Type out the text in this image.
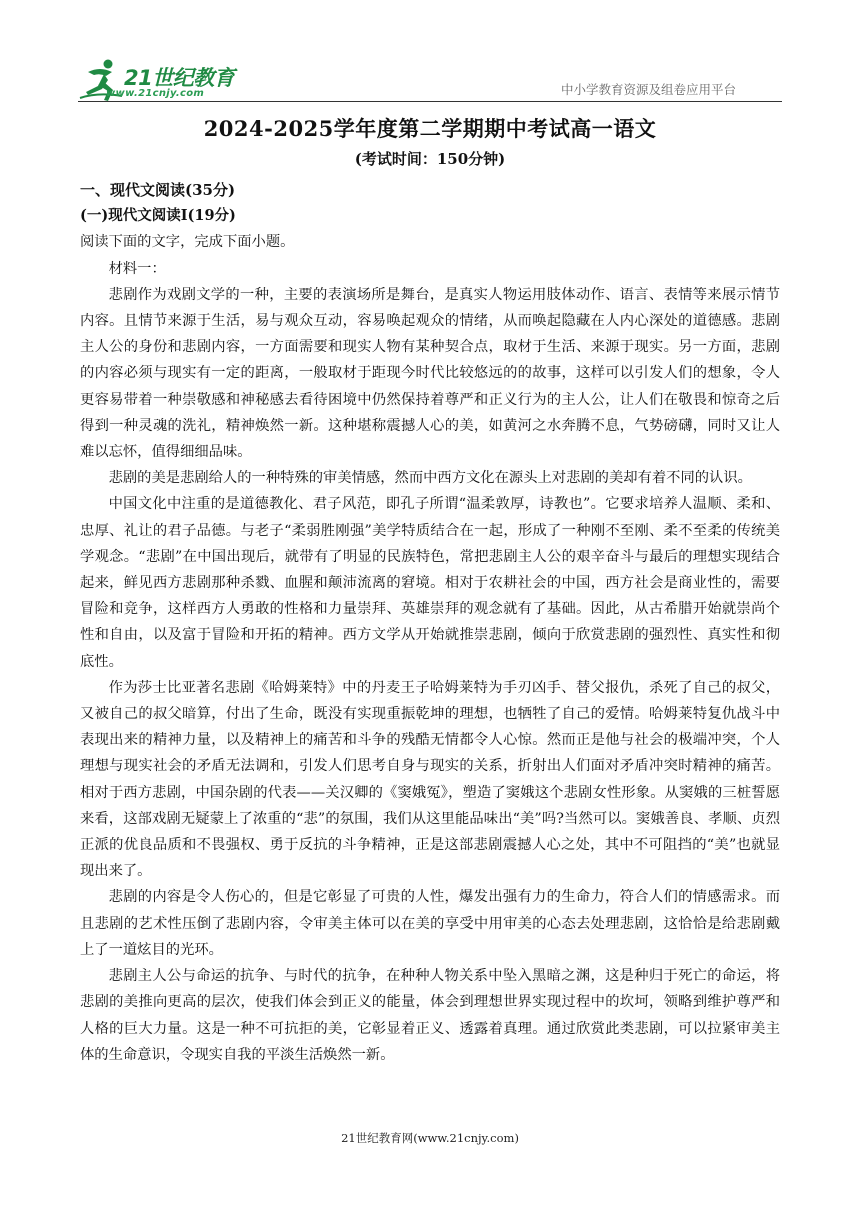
21世纪教育
www.21cnjy.com	中小学教育资源及组卷应用平台
2024-2025学年度第二学期期中考试高一语文
(考试时间：150分钟)

一、现代文阅读(35分)

(一)现代文阅读Ⅰ(19分)

阅读下面的文字，完成下面小题。

材料一：

悲剧作为戏剧文学的一种，主要的表演场所是舞台，是真实人物运用肢体动作、语言、表情等来展示情节内容。且情节来源于生活，易与观众互动，容易唤起观众的情绪，从而唤起隐藏在人内心深处的道德感。悲剧主人公的身份和悲剧内容，一方面需要和现实人物有某种契合点，取材于生活、来源于现实。另一方面，悲剧的内容必须与现实有一定的距离，一般取材于距现今时代比较悠远的的故事，这样可以引发人们的想象，令人更容易带着一种崇敬感和神秘感去看待困境中仍然保持着尊严和正义行为的主人公，让人们在敬畏和惊奇之后得到一种灵魂的洗礼，精神焕然一新。这种堪称震撼人心的美，如黄河之水奔腾不息，气势磅礴，同时又让人难以忘怀，值得细细品味。

悲剧的美是悲剧给人的一种特殊的审美情感，然而中西方文化在源头上对悲剧的美却有着不同的认识。

中国文化中注重的是道德教化、君子风范，即孔子所谓“温柔敦厚，诗教也”。它要求培养人温顺、柔和、忠厚、礼让的君子品德。与老子“柔弱胜刚强”美学特质结合在一起，形成了一种刚不至刚、柔不至柔的传统美学观念。“悲剧”在中国出现后，就带有了明显的民族特色，常把悲剧主人公的艰辛奋斗与最后的理想实现结合起来，鲜见西方悲剧那种杀戮、血腥和颠沛流离的窘境。相对于农耕社会的中国，西方社会是商业性的，需要冒险和竞争，这样西方人勇敢的性格和力量崇拜、英雄崇拜的观念就有了基础。因此，从古希腊开始就崇尚个性和自由，以及富于冒险和开拓的精神。西方文学从开始就推崇悲剧，倾向于欣赏悲剧的强烈性、真实性和彻底性。

作为莎士比亚著名悲剧《哈姆莱特》中的丹麦王子哈姆莱特为手刃凶手、替父报仇，杀死了自己的叔父，又被自己的叔父暗算，付出了生命，既没有实现重振乾坤的理想，也牺牲了自己的爱情。哈姆莱特复仇战斗中表现出来的精神力量，以及精神上的痛苦和斗争的残酷无情都令人心惊。然而正是他与社会的极端冲突，个人理想与现实社会的矛盾无法调和，引发人们思考自身与现实的关系，折射出人们面对矛盾冲突时精神的痛苦。相对于西方悲剧，中国杂剧的代表——关汉卿的《窦娥冤》，塑造了窦娥这个悲剧女性形象。从窦娥的三桩誓愿来看，这部戏剧无疑蒙上了浓重的“悲”的氛围，我们从这里能品味出“美”吗?当然可以。窦娥善良、孝顺、贞烈正派的优良品质和不畏强权、勇于反抗的斗争精神，正是这部悲剧震撼人心之处，其中不可阻挡的“美”也就显现出来了。

悲剧的内容是令人伤心的，但是它彰显了可贵的人性，爆发出强有力的生命力，符合人们的情感需求。而且悲剧的艺术性压倒了悲剧内容，令审美主体可以在美的享受中用审美的心态去处理悲剧，这恰恰是给悲剧戴上了一道炫目的光环。

悲剧主人公与命运的抗争、与时代的抗争，在种种人物关系中坠入黑暗之渊，这是种归于死亡的命运，将悲剧的美推向更高的层次，使我们体会到正义的能量，体会到理想世界实现过程中的坎坷，领略到维护尊严和人格的巨大力量。这是一种不可抗拒的美，它彰显着正义、透露着真理。通过欣赏此类悲剧，可以拉紧审美主体的生命意识，令现实自我的平淡生活焕然一新。

21世纪教育网(www.21cnjy.com)
